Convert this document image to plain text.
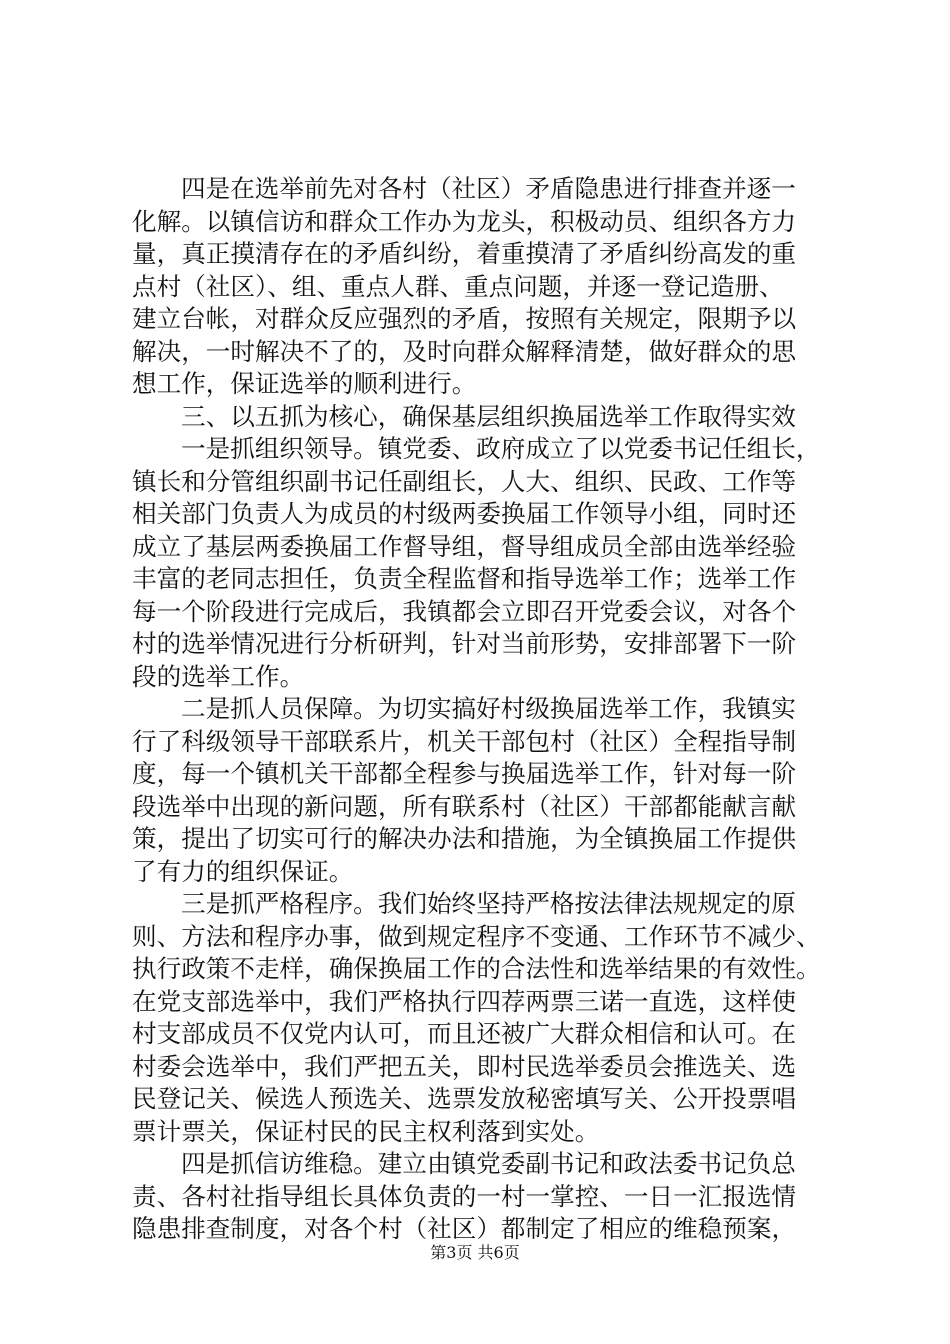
四是在选举前先对各村（社区）矛盾隐患进行排查并逐一
化解。以镇信访和群众工作办为龙头，积极动员、组织各方力
量，真正摸清存在的矛盾纠纷，着重摸清了矛盾纠纷高发的重
点村（社区）、组、重点人群、重点问题，并逐一登记造册、
建立台帐，对群众反应强烈的矛盾，按照有关规定，限期予以
解决，一时解决不了的，及时向群众解释清楚，做好群众的思
想工作，保证选举的顺利进行。
三、以五抓为核心，确保基层组织换届选举工作取得实效
一是抓组织领导。镇党委、政府成立了以党委书记任组长，
镇长和分管组织副书记任副组长，人大、组织、民政、工作等
相关部门负责人为成员的村级两委换届工作领导小组，同时还
成立了基层两委换届工作督导组，督导组成员全部由选举经验
丰富的老同志担任，负责全程监督和指导选举工作；选举工作
每一个阶段进行完成后，我镇都会立即召开党委会议，对各个
村的选举情况进行分析研判，针对当前形势，安排部署下一阶
段的选举工作。
二是抓人员保障。为切实搞好村级换届选举工作，我镇实
行了科级领导干部联系片，机关干部包村（社区）全程指导制
度，每一个镇机关干部都全程参与换届选举工作，针对每一阶
段选举中出现的新问题，所有联系村（社区）干部都能献言献
策，提出了切实可行的解决办法和措施，为全镇换届工作提供
了有力的组织保证。
三是抓严格程序。我们始终坚持严格按法律法规规定的原
则、方法和程序办事，做到规定程序不变通、工作环节不减少、
执行政策不走样，确保换届工作的合法性和选举结果的有效性。
在党支部选举中，我们严格执行四荐两票三诺一直选，这样使
村支部成员不仅党内认可，而且还被广大群众相信和认可。在
村委会选举中，我们严把五关，即村民选举委员会推选关、选
民登记关、候选人预选关、选票发放秘密填写关、公开投票唱
票计票关，保证村民的民主权利落到实处。
四是抓信访维稳。建立由镇党委副书记和政法委书记负总
责、各村社指导组长具体负责的一村一掌控、一日一汇报选情
隐患排查制度，对各个村（社区）都制定了相应的维稳预案，
第3页 共6页
